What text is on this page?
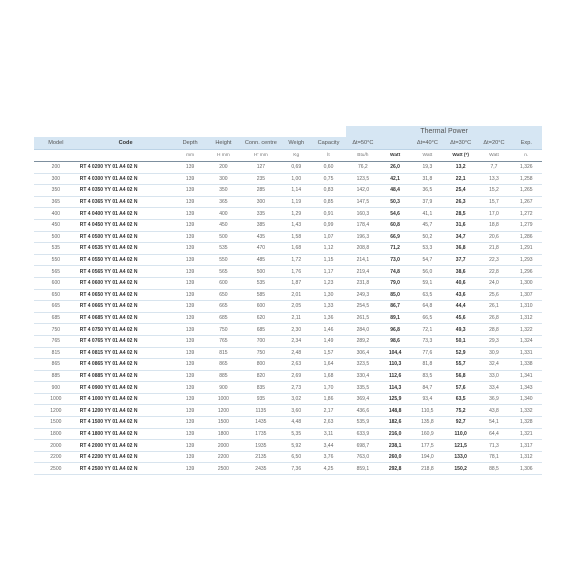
							Thermal Power					
Model	Code	Depth	Height	Conn. centre	Weigh	Capacity	Δt=50°C		Δt=40°C	Δt=30°C	Δt=20°C	Exp.
		mm	H mm	H' mm	Kg	lt	Btu/h	Watt	Watt	Watt (*)	Watt	n.
200	RT 4 0200 YY 01 A4 02 N	139	200	127	0,69	0,60	76,2	26,0	19,3	13,2	7,7	1,326
300	RT 4 0300 YY 01 A4 02 N	139	300	235	1,00	0,75	123,5	42,1	31,8	22,1	13,3	1,258
350	RT 4 0350 YY 01 A4 02 N	139	350	285	1,14	0,83	142,0	48,4	36,5	25,4	15,2	1,265
365	RT 4 0365 YY 01 A4 02 N	139	365	300	1,19	0,85	147,5	50,3	37,9	26,3	15,7	1,267
400	RT 4 0400 YY 01 A4 02 N	139	400	335	1,29	0,91	160,3	54,6	41,1	28,5	17,0	1,272
450	RT 4 0450 YY 01 A4 02 N	139	450	385	1,43	0,99	178,4	60,8	45,7	31,6	18,8	1,279
500	RT 4 0500 YY 01 A4 02 N	139	500	435	1,58	1,07	196,3	66,9	50,2	34,7	20,6	1,286
535	RT 4 0535 YY 01 A4 02 N	139	535	470	1,68	1,12	208,8	71,2	53,3	36,8	21,8	1,291
550	RT 4 0550 YY 01 A4 02 N	139	550	485	1,72	1,15	214,1	73,0	54,7	37,7	22,3	1,293
565	RT 4 0565 YY 01 A4 02 N	139	565	500	1,76	1,17	219,4	74,8	56,0	38,6	22,8	1,296
600	RT 4 0600 YY 01 A4 02 N	139	600	535	1,87	1,23	231,8	79,0	59,1	40,6	24,0	1,300
650	RT 4 0650 YY 01 A4 02 N	139	650	585	2,01	1,30	249,3	85,0	63,5	43,6	25,6	1,307
665	RT 4 0665 YY 01 A4 02 N	139	665	600	2,05	1,33	254,5	86,7	64,8	44,4	26,1	1,310
685	RT 4 0685 YY 01 A4 02 N	139	685	620	2,11	1,36	261,5	89,1	66,5	45,6	26,8	1,312
750	RT 4 0750 YY 01 A4 02 N	139	750	685	2,30	1,46	284,0	96,8	72,1	49,3	28,8	1,322
765	RT 4 0765 YY 01 A4 02 N	139	765	700	2,34	1,49	289,2	98,6	73,3	50,1	29,3	1,324
815	RT 4 0815 YY 01 A4 02 N	139	815	750	2,48	1,57	306,4	104,4	77,6	52,9	30,9	1,331
865	RT 4 0865 YY 01 A4 02 N	139	865	800	2,63	1,64	323,5	110,3	81,8	55,7	32,4	1,338
885	RT 4 0885 YY 01 A4 02 N	139	885	820	2,69	1,68	330,4	112,6	83,5	56,8	33,0	1,341
900	RT 4 0900 YY 01 A4 02 N	139	900	835	2,73	1,70	335,5	114,3	84,7	57,6	33,4	1,343
1000	RT 4 1000 YY 01 A4 02 N	139	1000	935	3,02	1,86	369,4	125,9	93,4	63,5	36,9	1,340
1200	RT 4 1200 YY 01 A4 02 N	139	1200	1135	3,60	2,17	436,6	148,8	110,5	75,2	43,8	1,332
1500	RT 4 1500 YY 01 A4 02 N	139	1500	1435	4,48	2,63	535,9	182,6	135,8	92,7	54,1	1,328
1800	RT 4 1800 YY 01 A4 02 N	139	1800	1735	5,35	3,11	633,9	216,0	160,9	110,0	64,4	1,321
2000	RT 4 2000 YY 01 A4 02 N	139	2000	1935	5,92	3,44	698,7	238,1	177,5	121,5	71,3	1,317
2200	RT 4 2200 YY 01 A4 02 N	139	2200	2135	6,50	3,76	763,0	260,0	194,0	133,0	78,1	1,312
2500	RT 4 2500 YY 01 A4 02 N	139	2500	2435	7,36	4,25	859,1	292,8	218,8	150,2	88,5	1,306
